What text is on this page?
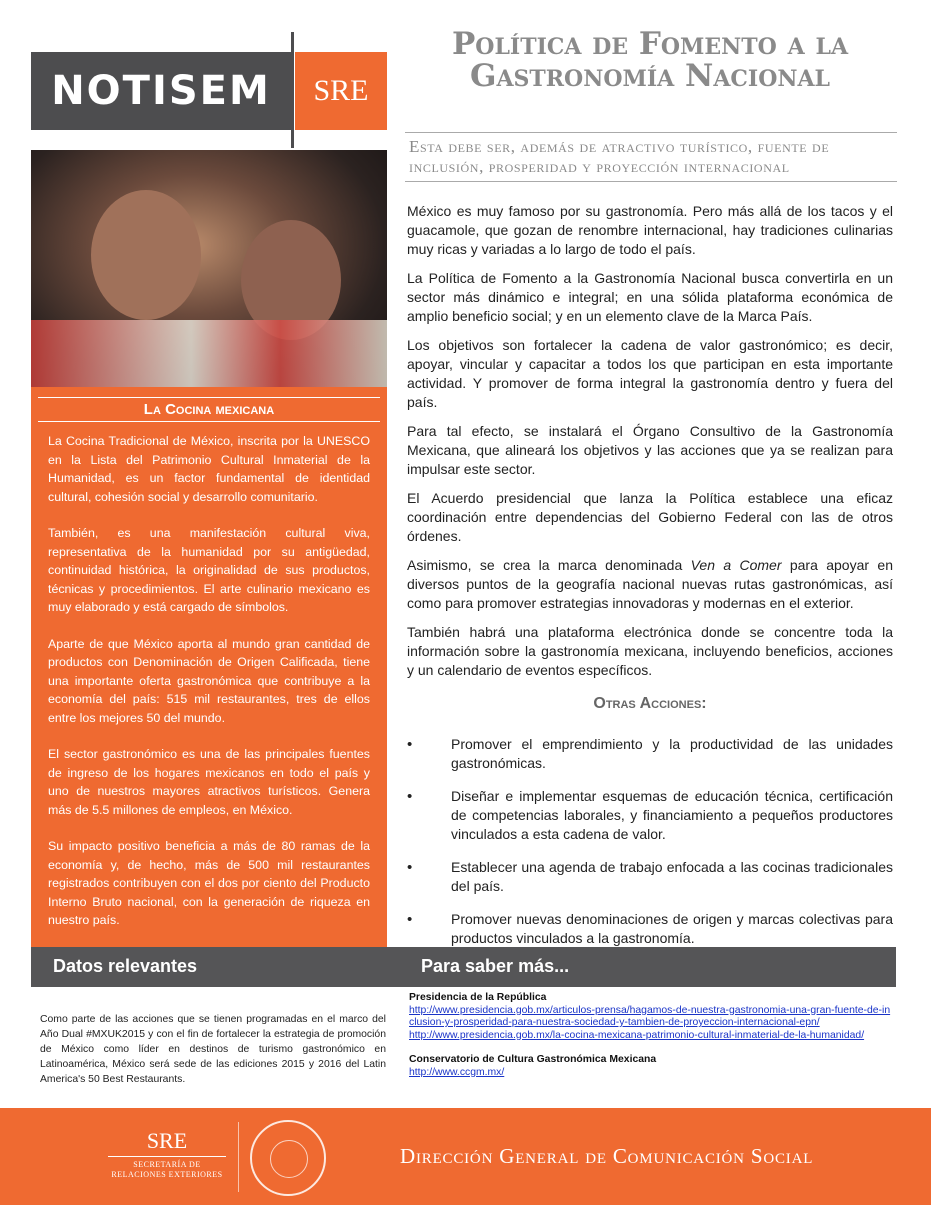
NOTISEM	SRE
Política de Fomento a la Gastronomía Nacional
Esta debe ser, además de atractivo turístico, fuente de inclusión, prosperidad y proyección internacional
La Cocina mexicana

La Cocina Tradicional de México, inscrita por la UNESCO en la Lista del Patrimonio Cultural Inmaterial de la Humanidad, es un factor fundamental de identidad cultural, cohesión social y desarrollo comunitario.

También, es una manifestación cultural viva, representativa de la humanidad por su antigüedad, continuidad histórica, la originalidad de sus productos, técnicas y procedimientos. El arte culinario mexicano es muy elaborado y está cargado de símbolos.

Aparte de que México aporta al mundo gran cantidad de productos con Denominación de Origen Calificada, tiene una importante oferta gastronómica que contribuye a la economía del país: 515 mil restaurantes, tres de ellos entre los mejores 50 del mundo.

El sector gastronómico es una de las principales fuentes de ingreso de los hogares mexicanos en todo el país y uno de nuestros mayores atractivos turísticos. Genera más de 5.5 millones de empleos, en México.

Su impacto positivo beneficia a más de 80 ramas de la economía y, de hecho, más de 500 mil restaurantes registrados contribuyen con el dos por ciento del Producto Interno Bruto nacional, con la generación de riqueza en nuestro país.

México es muy famoso por su gastronomía. Pero más allá de los tacos y el guacamole, que gozan de renombre internacional, hay tradiciones culinarias muy ricas y variadas a lo largo de todo el país.

La Política de Fomento a la Gastronomía Nacional busca convertirla en un sector más dinámico e integral; en una sólida plataforma económica de amplio beneficio social; y en un elemento clave de la Marca País.

Los objetivos son fortalecer la cadena de valor gastronómico; es decir, apoyar, vincular y capacitar a todos los que participan en esta importante actividad. Y promover de forma integral la gastronomía dentro y fuera del país.

Para tal efecto, se instalará el Órgano Consultivo de la Gastronomía Mexicana, que alineará los objetivos y las acciones que ya se realizan para impulsar este sector.

El Acuerdo presidencial que lanza la Política establece una eficaz coordinación entre dependencias del Gobierno Federal con las de otros órdenes.

Asimismo, se crea la marca denominada Ven a Comer para apoyar en diversos puntos de la geografía nacional nuevas rutas gastronómicas, así como para promover estrategias innovadoras y modernas en el exterior.

También habrá una plataforma electrónica donde se concentre toda la información sobre la gastronomía mexicana, incluyendo beneficios, acciones y un calendario de eventos específicos.

Otras Acciones:
• Promover el emprendimiento y la productividad de las unidades gastronómicas.
• Diseñar e implementar esquemas de educación técnica, certificación de competencias laborales, y financiamiento a pequeños productores vinculados a esta cadena de valor.
• Establecer una agenda de trabajo enfocada a las cocinas tradicionales del país.
• Promover nuevas denominaciones de origen y marcas colectivas para productos vinculados a la gastronomía.
Datos relevantes	Para saber más...
Como parte de las acciones que se tienen programadas en el marco del Año Dual #MXUK2015 y con el fin de fortalecer la estrategia de promoción de México como líder en destinos de turismo gastronómico en Latinoamérica, México será sede de las ediciones 2015 y 2016 del Latin America's 50 Best Restaurants.
Presidencia de la República
http://www.presidencia.gob.mx/articulos-prensa/hagamos-de-nuestra-gastronomia-una-gran-fuente-de-inclusion-y-prosperidad-para-nuestra-sociedad-y-tambien-de-proyeccion-internacional-epn/
http://www.presidencia.gob.mx/la-cocina-mexicana-patrimonio-cultural-inmaterial-de-la-humanidad/
Conservatorio de Cultura Gastronómica Mexicana
http://www.ccgm.mx/
SRE
SECRETARÍA DE RELACIONES EXTERIORES
Dirección General de Comunicación Social
